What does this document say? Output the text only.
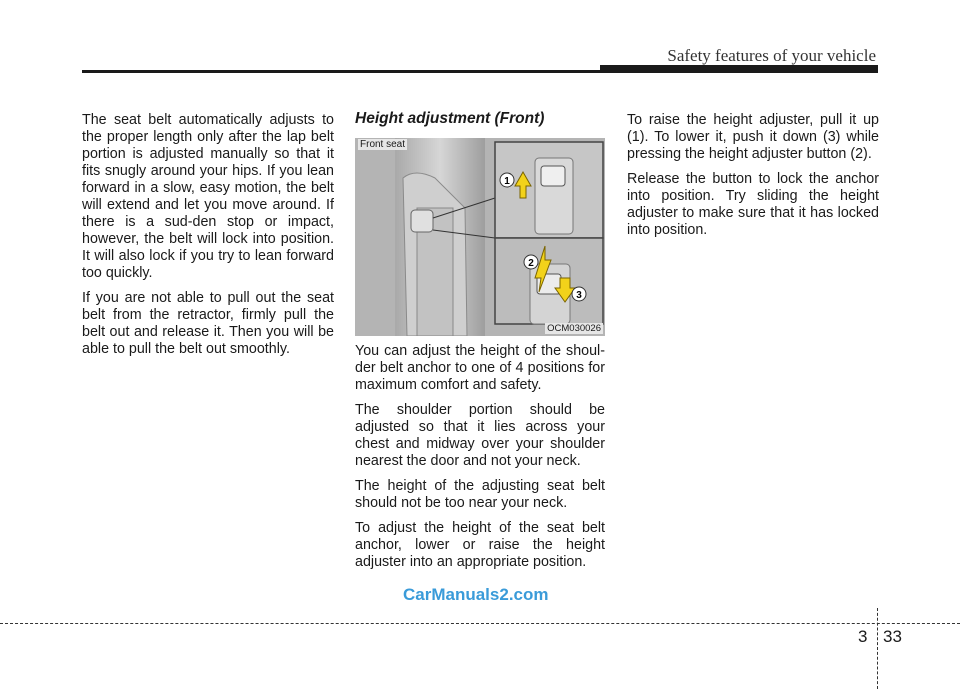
Safety features of your vehicle

The seat belt automatically adjusts to the proper length only after the lap belt portion is adjusted manually so that it fits snugly around your hips. If you lean forward in a slow, easy motion, the belt will extend and let you move around. If there is a sud-den stop or impact, however, the belt will lock into position. It will also lock if you try to lean forward too quickly.

If you are not able to pull out the seat belt from the retractor, firmly pull the belt out and release it. Then you will be able to pull the belt out smoothly.

Height adjustment (Front)
1
2
3
Front seat
OCM030026

You can adjust the height of the shoul-der belt anchor to one of 4 positions for maximum comfort and safety.

The shoulder portion should be adjusted so that it lies across your chest and midway over your shoulder nearest the door and not your neck.

The height of the adjusting seat belt should not be too near your neck.

To adjust the height of the seat belt anchor, lower or raise the height adjuster into an appropriate position.

To raise the height adjuster, pull it up (1). To lower it, push it down (3) while pressing the height adjuster button (2).

Release the button to lock the anchor into position. Try sliding the height adjuster to make sure that it has locked into position.

CarManuals2.com
3 33
